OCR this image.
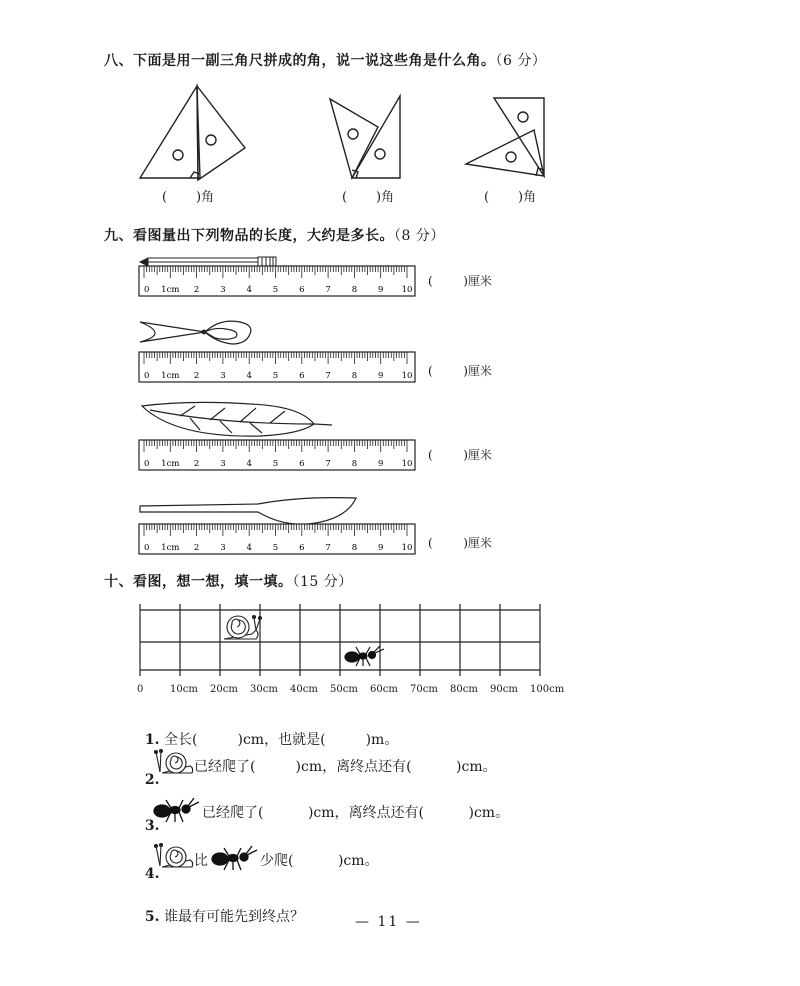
八、下面是用一副三角尺拼成的角，说一说这些角是什么角。（6 分）
(       )角	(       )角	(       )角
九、看图量出下列物品的长度，大约是多长。（8 分）
0 1cm 2 3 4 5 6 7 8 9 10
0 1cm 2 3 4 5 6 7 8 9 10
0 1cm 2 3 4 5 6 7 8 9 10
0 1cm 2 3 4 5 6 7 8 9 10
(        )厘米
(        )厘米
(        )厘米
(        )厘米
十、看图，想一想，填一填。（15 分）
0	10cm 20cm 30cm 40cm 50cm 60cm 70cm 80cm 90cm 100cm

1. 全长(         )cm，也就是(         )m。

2.

已经爬了(         )cm，离终点还有(          )cm。

3.

已经爬了(          )cm，离终点还有(          )cm。

4.

比	少爬(          )cm。

5. 谁最有可能先到终点？	— 11 —
